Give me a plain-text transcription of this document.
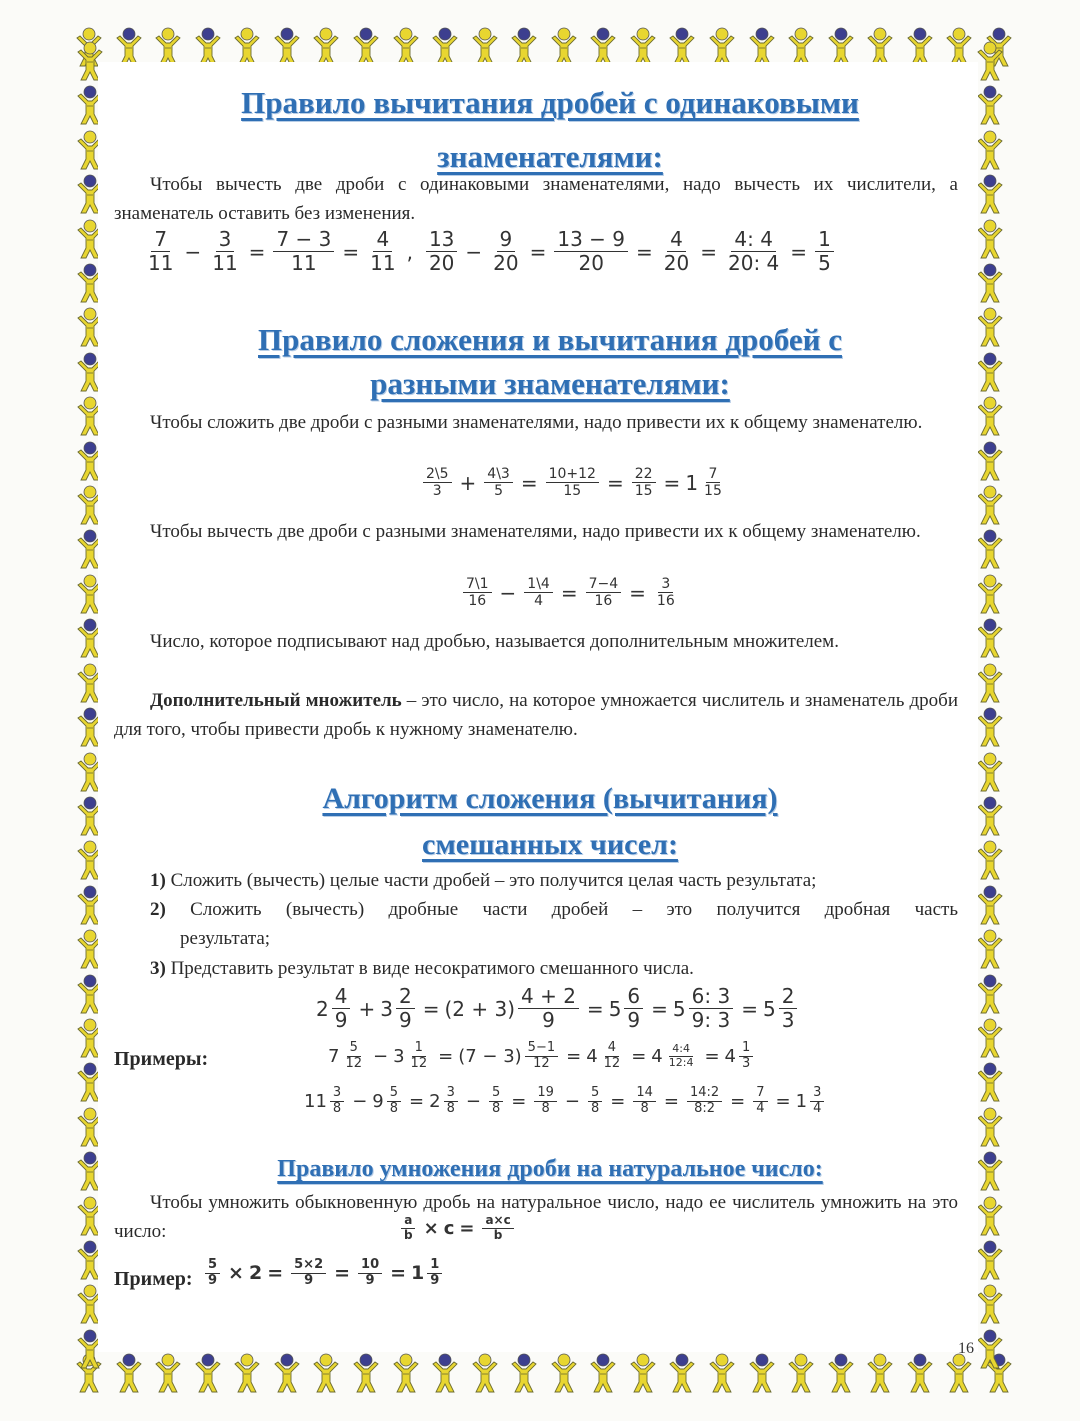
Правило вычитания дробей с одинаковыми
знаменателями:
Чтобы вычесть две дроби с одинаковыми знаменателями, надо вычесть их числители, а знаменатель оставить без изменения.
7
$11 - \frac{3}{11} = \frac{7 - 3}{11} = \frac{4}{11}$ ,
13
$20 - \frac{9}{20} = \frac{13 - 9}{20} = \frac{4}{20} = \frac{4: 4}{20: 4} = \frac{1}{5}$
Правило сложения и вычитания дробей с
разными знаменателями:
Чтобы сложить две дроби с разными знаменателями, надо привести их к общему знаменателю.
2\5
$3 + \frac{4\backslash 3}{5} = \frac{10+12}{15} = \frac{22}{15} = 1$ 7
15
Чтобы вычесть две дроби с разными знаменателями, надо привести их к общему знаменателю.
7\1
$16 - \frac{1\backslash 4}{4} = \frac{7-4}{16} = \frac{3}{16}$
Число, которое подписывают над дробью, называется дополнительным множителем.
Дополнительный множитель – это число, на которое умножается числитель и знаменатель дроби для того, чтобы привести дробь к нужному знаменателю.
Алгоритм сложения (вычитания)
смешанных чисел:
1) Сложить (вычесть) целые части дробей – это получится целая часть результата;
2) Сложить (вычесть) дробные части дробей – это получится дробная часть
результата;
3) Представить результат в виде несократимого смешанного числа.
Примеры:
2
4
9 + 3
2
$9 = (2 + 3) \frac{4 + 2}{9} = 5$
6
9 = 5
6: 3
9: 3 = 5
2
3
7 5
12 − 3 1
$12 = (7 - 3) \frac{5-1}{12} = 4$ 4
12 = 4 4:4
12:4 = 4 1
3
11 3
8 − 9 5
8 = 2 3
$8 - \frac{5}{8} = \frac{19}{8} - \frac{5}{8} = \frac{14}{8} = \frac{14:2}{8:2} = \frac{7}{4} = 1$ 3
4
Правило умножения дроби на натуральное число:
Чтобы умножить обыкновенную дробь на натуральное число, надо ее числитель умножить на это число:	$\frac{a}{b} \times c = \frac{a\times c}{b}$
Пример: $\frac{5}{9} \times 2 = \frac{5\times 2}{9} = \frac{10}{9} = 1$ 1
9
16
